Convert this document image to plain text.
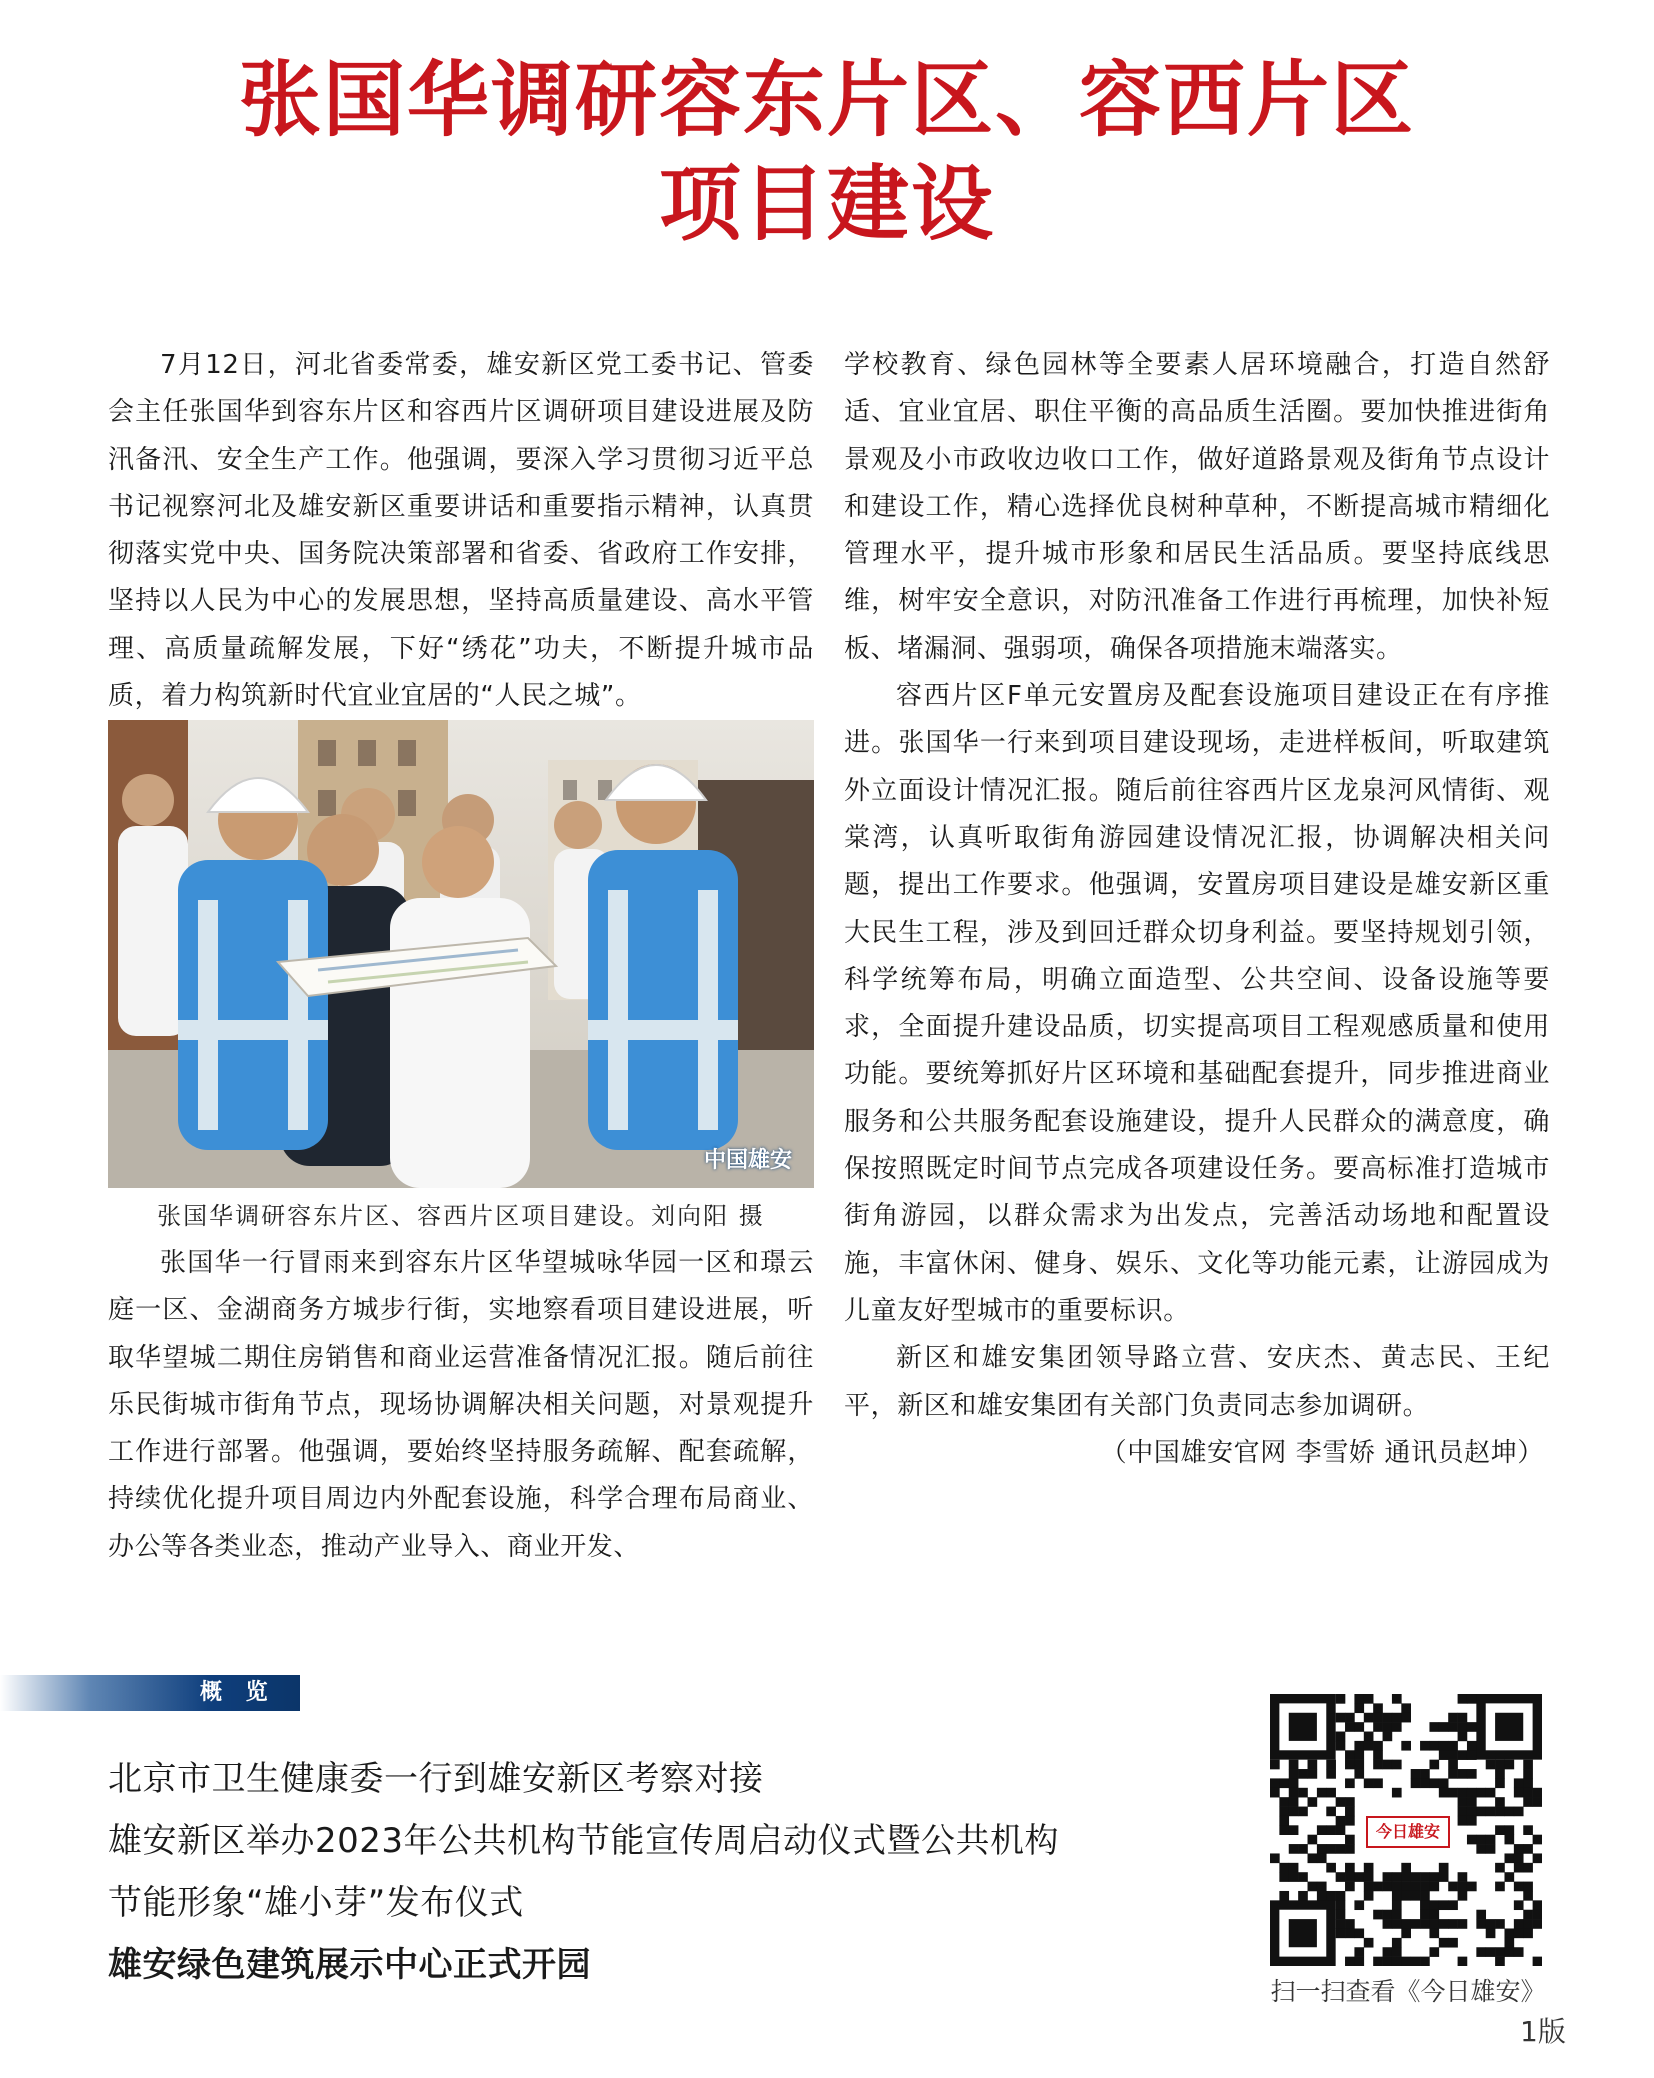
张国华调研容东片区、容西片区
项目建设

7月12日，河北省委常委，雄安新区党工委书记、管委会主任张国华到容东片区和容西片区调研项目建设进展及防汛备汛、安全生产工作。他强调，要深入学习贯彻习近平总书记视察河北及雄安新区重要讲话和重要指示精神，认真贯彻落实党中央、国务院决策部署和省委、省政府工作安排，坚持以人民为中心的发展思想，坚持高质量建设、高水平管理、高质量疏解发展，下好“绣花”功夫，不断提升城市品质，着力构筑新时代宜业宜居的“人民之城”。

中国雄安
张国华调研容东片区、容西片区项目建设。刘向阳 摄

张国华一行冒雨来到容东片区华望城咏华园一区和璟云庭一区、金湖商务方城步行街，实地察看项目建设进展，听取华望城二期住房销售和商业运营准备情况汇报。随后前往乐民街城市街角节点，现场协调解决相关问题，对景观提升工作进行部署。他强调，要始终坚持服务疏解、配套疏解，持续优化提升项目周边内外配套设施，科学合理布局商业、办公等各类业态，推动产业导入、商业开发、

学校教育、绿色园林等全要素人居环境融合，打造自然舒适、宜业宜居、职住平衡的高品质生活圈。要加快推进街角景观及小市政收边收口工作，做好道路景观及街角节点设计和建设工作，精心选择优良树种草种，不断提高城市精细化管理水平，提升城市形象和居民生活品质。要坚持底线思维，树牢安全意识，对防汛准备工作进行再梳理，加快补短板、堵漏洞、强弱项，确保各项措施末端落实。

容西片区F单元安置房及配套设施项目建设正在有序推进。张国华一行来到项目建设现场，走进样板间，听取建筑外立面设计情况汇报。随后前往容西片区龙泉河风情街、观棠湾，认真听取街角游园建设情况汇报，协调解决相关问题，提出工作要求。他强调，安置房项目建设是雄安新区重大民生工程，涉及到回迁群众切身利益。要坚持规划引领，科学统筹布局，明确立面造型、公共空间、设备设施等要求，全面提升建设品质，切实提高项目工程观感质量和使用功能。要统筹抓好片区环境和基础配套提升，同步推进商业服务和公共服务配套设施建设，提升人民群众的满意度，确保按照既定时间节点完成各项建设任务。要高标准打造城市街角游园，以群众需求为出发点，完善活动场地和配置设施，丰富休闲、健身、娱乐、文化等功能元素，让游园成为儿童友好型城市的重要标识。

新区和雄安集团领导路立营、安庆杰、黄志民、王纪平，新区和雄安集团有关部门负责同志参加调研。

（中国雄安官网 李雪娇 通讯员赵坤）

概 览
北京市卫生健康委一行到雄安新区考察对接
雄安新区举办2023年公共机构节能宣传周启动仪式暨公共机构
节能形象“雄小芽”发布仪式
雄安绿色建筑展示中心正式开园
今日雄安
扫一扫查看《今日雄安》
1版
